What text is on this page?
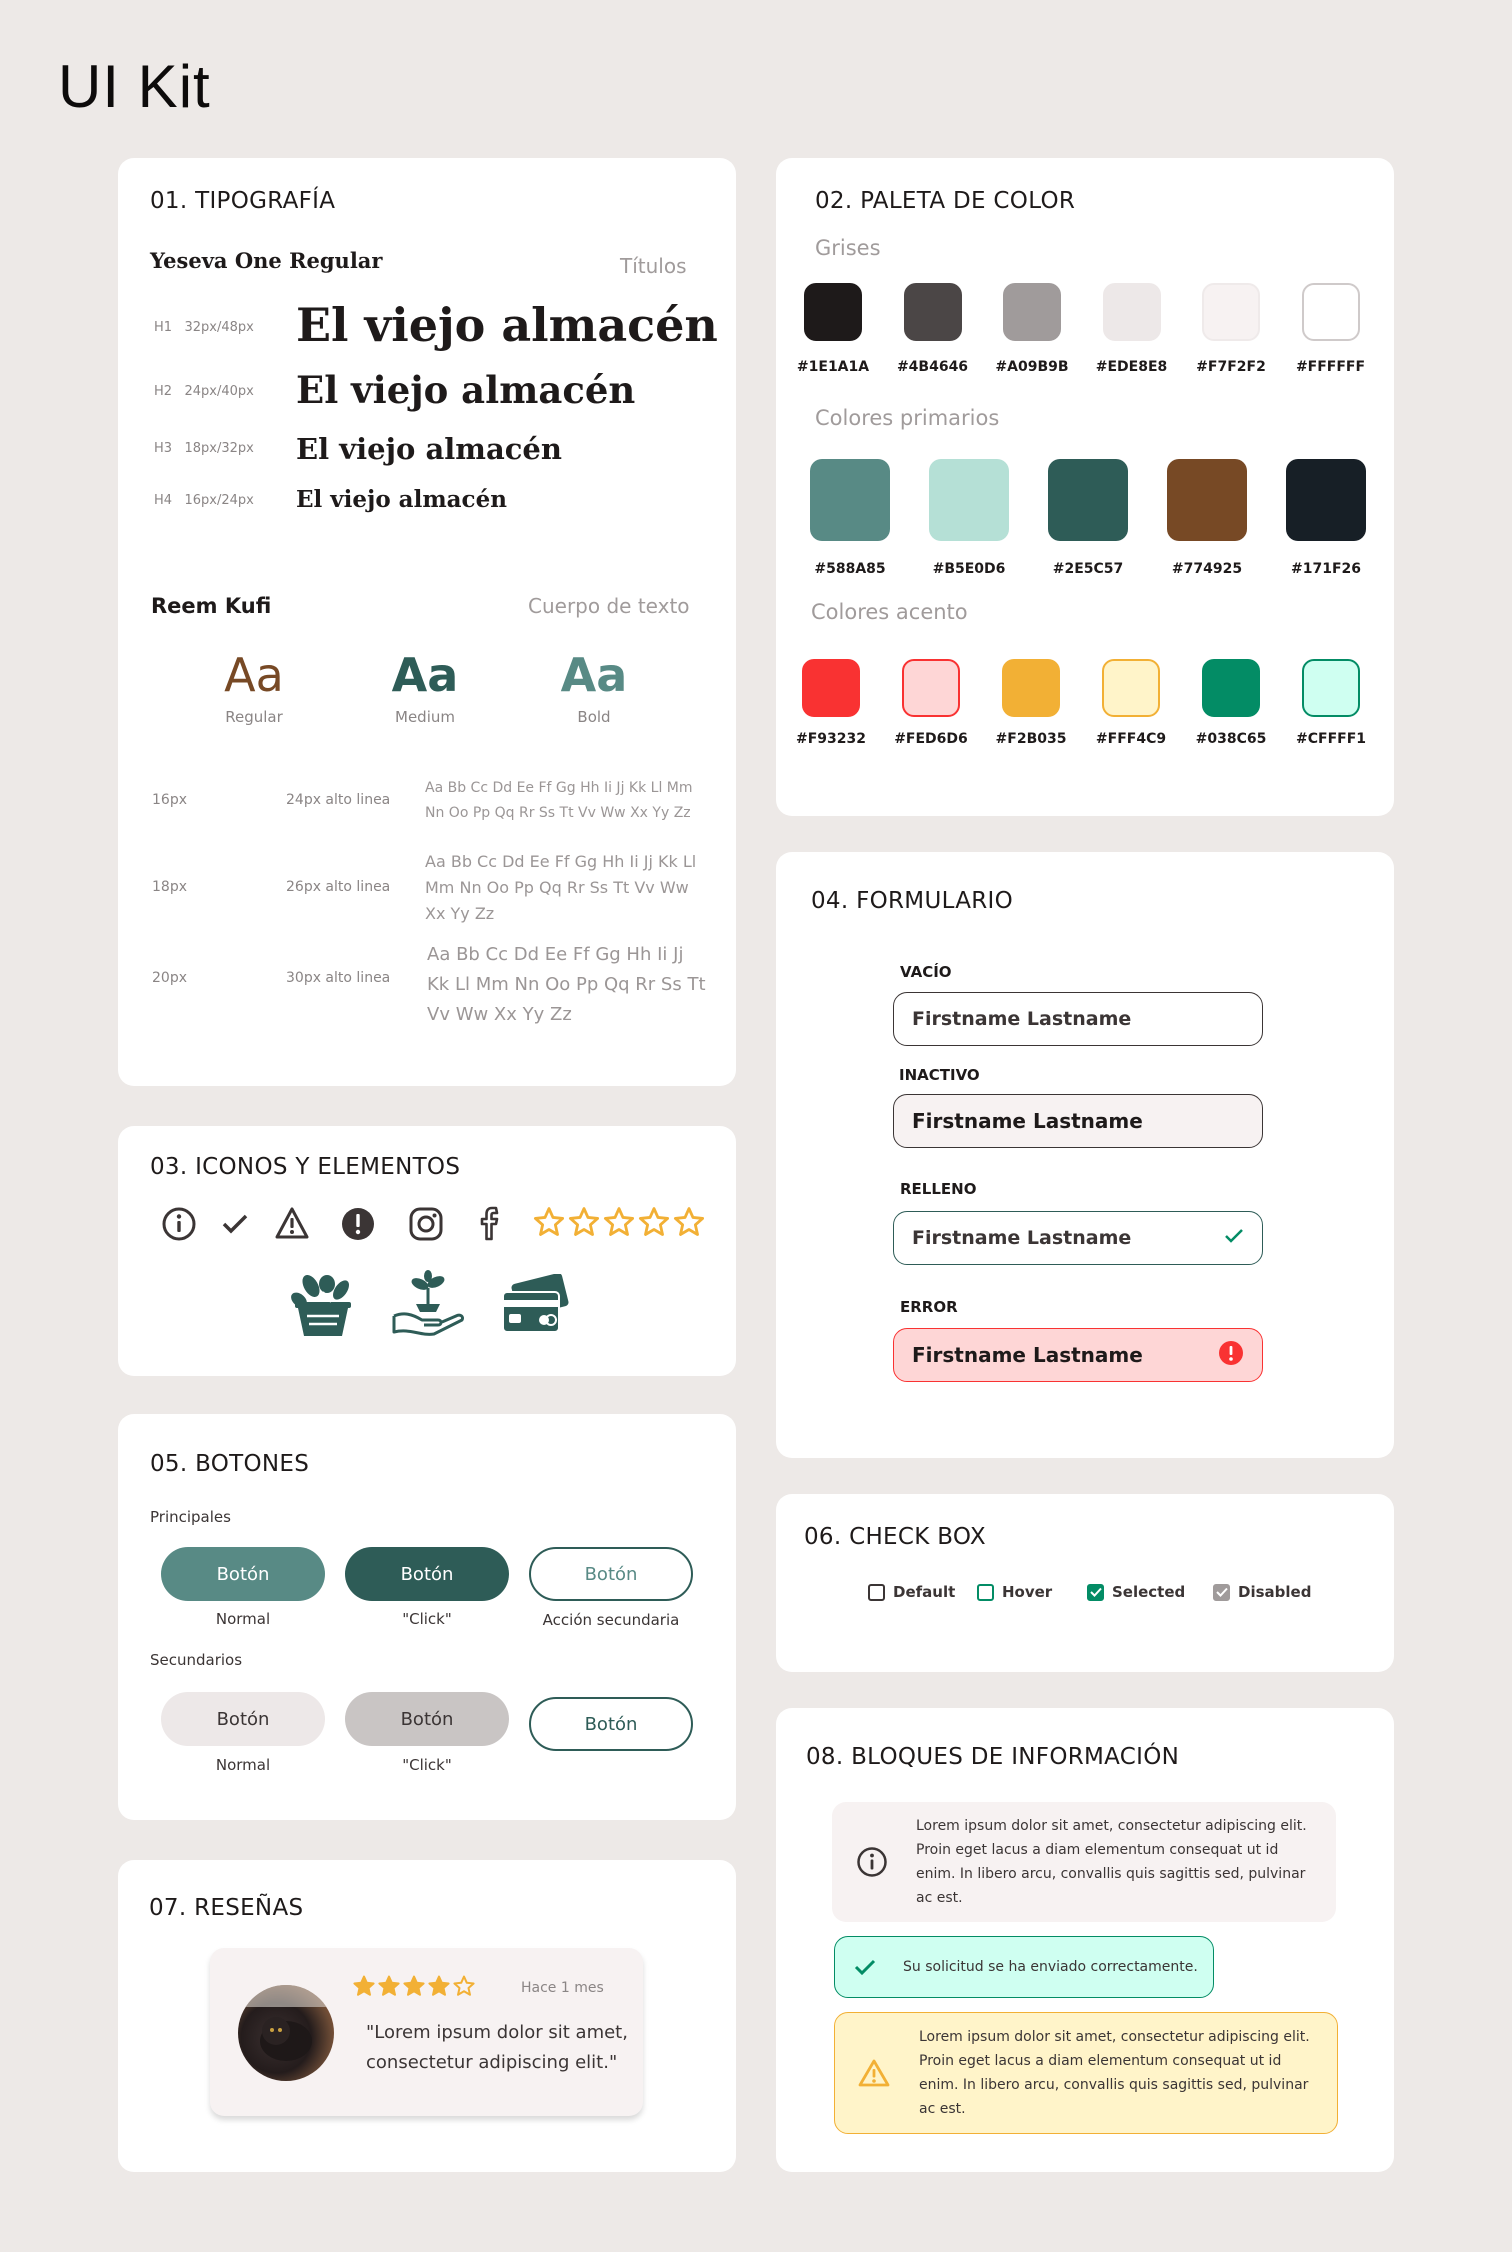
UI Kit
01. TIPOGRAFÍA
Yeseva One Regular	Títulos
H1 32px/48px El viejo almacén
H2 24px/40px El viejo almacén
H3 18px/32px El viejo almacén
H4 16px/24px El viejo almacén
Reem Kufi	Cuerpo de texto
Aa
Regular
Aa
Medium
Aa
Bold
16px	24px alto linea
Aa Bb Cc Dd Ee Ff Gg Hh Ii Jj Kk Ll Mm Nn Oo Pp Qq Rr Ss Tt Vv Ww Xx Yy Zz
18px	26px alto linea
Aa Bb Cc Dd Ee Ff Gg Hh Ii Jj Kk Ll Mm Nn Oo Pp Qq Rr Ss Tt Vv Ww Xx Yy Zz
20px	30px alto linea
Aa Bb Cc Dd Ee Ff Gg Hh Ii Jj Kk Ll Mm Nn Oo Pp Qq Rr Ss Tt Vv Ww Xx Yy Zz
02. PALETA DE COLOR
Grises
#1E1A1A	#4B4646	#A09B9B	#EDE8E8	#F7F2F2	#FFFFFF
Colores primarios
#588A85	#B5E0D6	#2E5C57	#774925	#171F26
Colores acento
#F93232	#FED6D6	#F2B035	#FFF4C9	#038C65	#CFFFF1
03. ICONOS Y ELEMENTOS
04. FORMULARIO
VACÍO
Firstname Lastname
INACTIVO
Firstname Lastname
RELLENO
Firstname Lastname
ERROR
Firstname Lastname
05. BOTONES
Principales
Botón
Normal
Botón
"Click"
Botón
Acción secundaria
Secundarios
Botón
Normal
Botón
"Click"
Botón
06. CHECK BOX
Default	Hover	Selected	Disabled
07. RESEÑAS
Hace 1 mes
"Lorem ipsum dolor sit amet, consectetur adipiscing elit."
08. BLOQUES DE INFORMACIÓN

Lorem ipsum dolor sit amet, consectetur adipiscing elit. Proin eget lacus a diam elementum consequat ut id enim. In libero arcu, convallis quis sagittis sed, pulvinar ac est.

Su solicitud se ha enviado correctamente.

Lorem ipsum dolor sit amet, consectetur adipiscing elit. Proin eget lacus a diam elementum consequat ut id enim. In libero arcu, convallis quis sagittis sed, pulvinar ac est.
